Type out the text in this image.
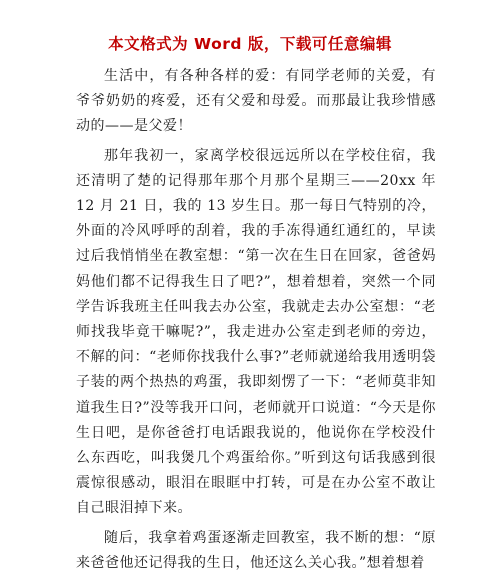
本文格式为 Word 版，下载可任意编辑

生活中，有各种各样的爱：有同学老师的关爱，有爷爷奶奶的疼爱，还有父爱和母爱。而那最让我珍惜感动的——是父爱！

那年我初一，家离学校很远远所以在学校住宿，我还清明了楚的记得那年那个月那个星期三——20xx 年 12 月 21 日，我的 13 岁生日。那一每日气特别的冷，外面的冷风呼呼的刮着，我的手冻得通红通红的，早读过后我悄悄坐在教室想：“第一次在生日在回家，爸爸妈妈他们都不记得我生日了吧?”，想着想着，突然一个同学告诉我班主任叫我去办公室，我就走去办公室想：“老师找我毕竟干嘛呢?”，我走进办公室走到老师的旁边，不解的问：“老师你找我什么事?”老师就递给我用透明袋子装的两个热热的鸡蛋，我即刻愣了一下：“老师莫非知道我生日?”没等我开口问，老师就开口说道：“今天是你生日吧，是你爸爸打电话跟我说的，他说你在学校没什么东西吃，叫我煲几个鸡蛋给你。”听到这句话我感到很震惊很感动，眼泪在眼眶中打转，可是在办公室不敢让自己眼泪掉下来。

随后，我拿着鸡蛋逐渐走回教室，我不断的想：“原来爸爸他还记得我的生日，他还这么关心我。”想着想着
